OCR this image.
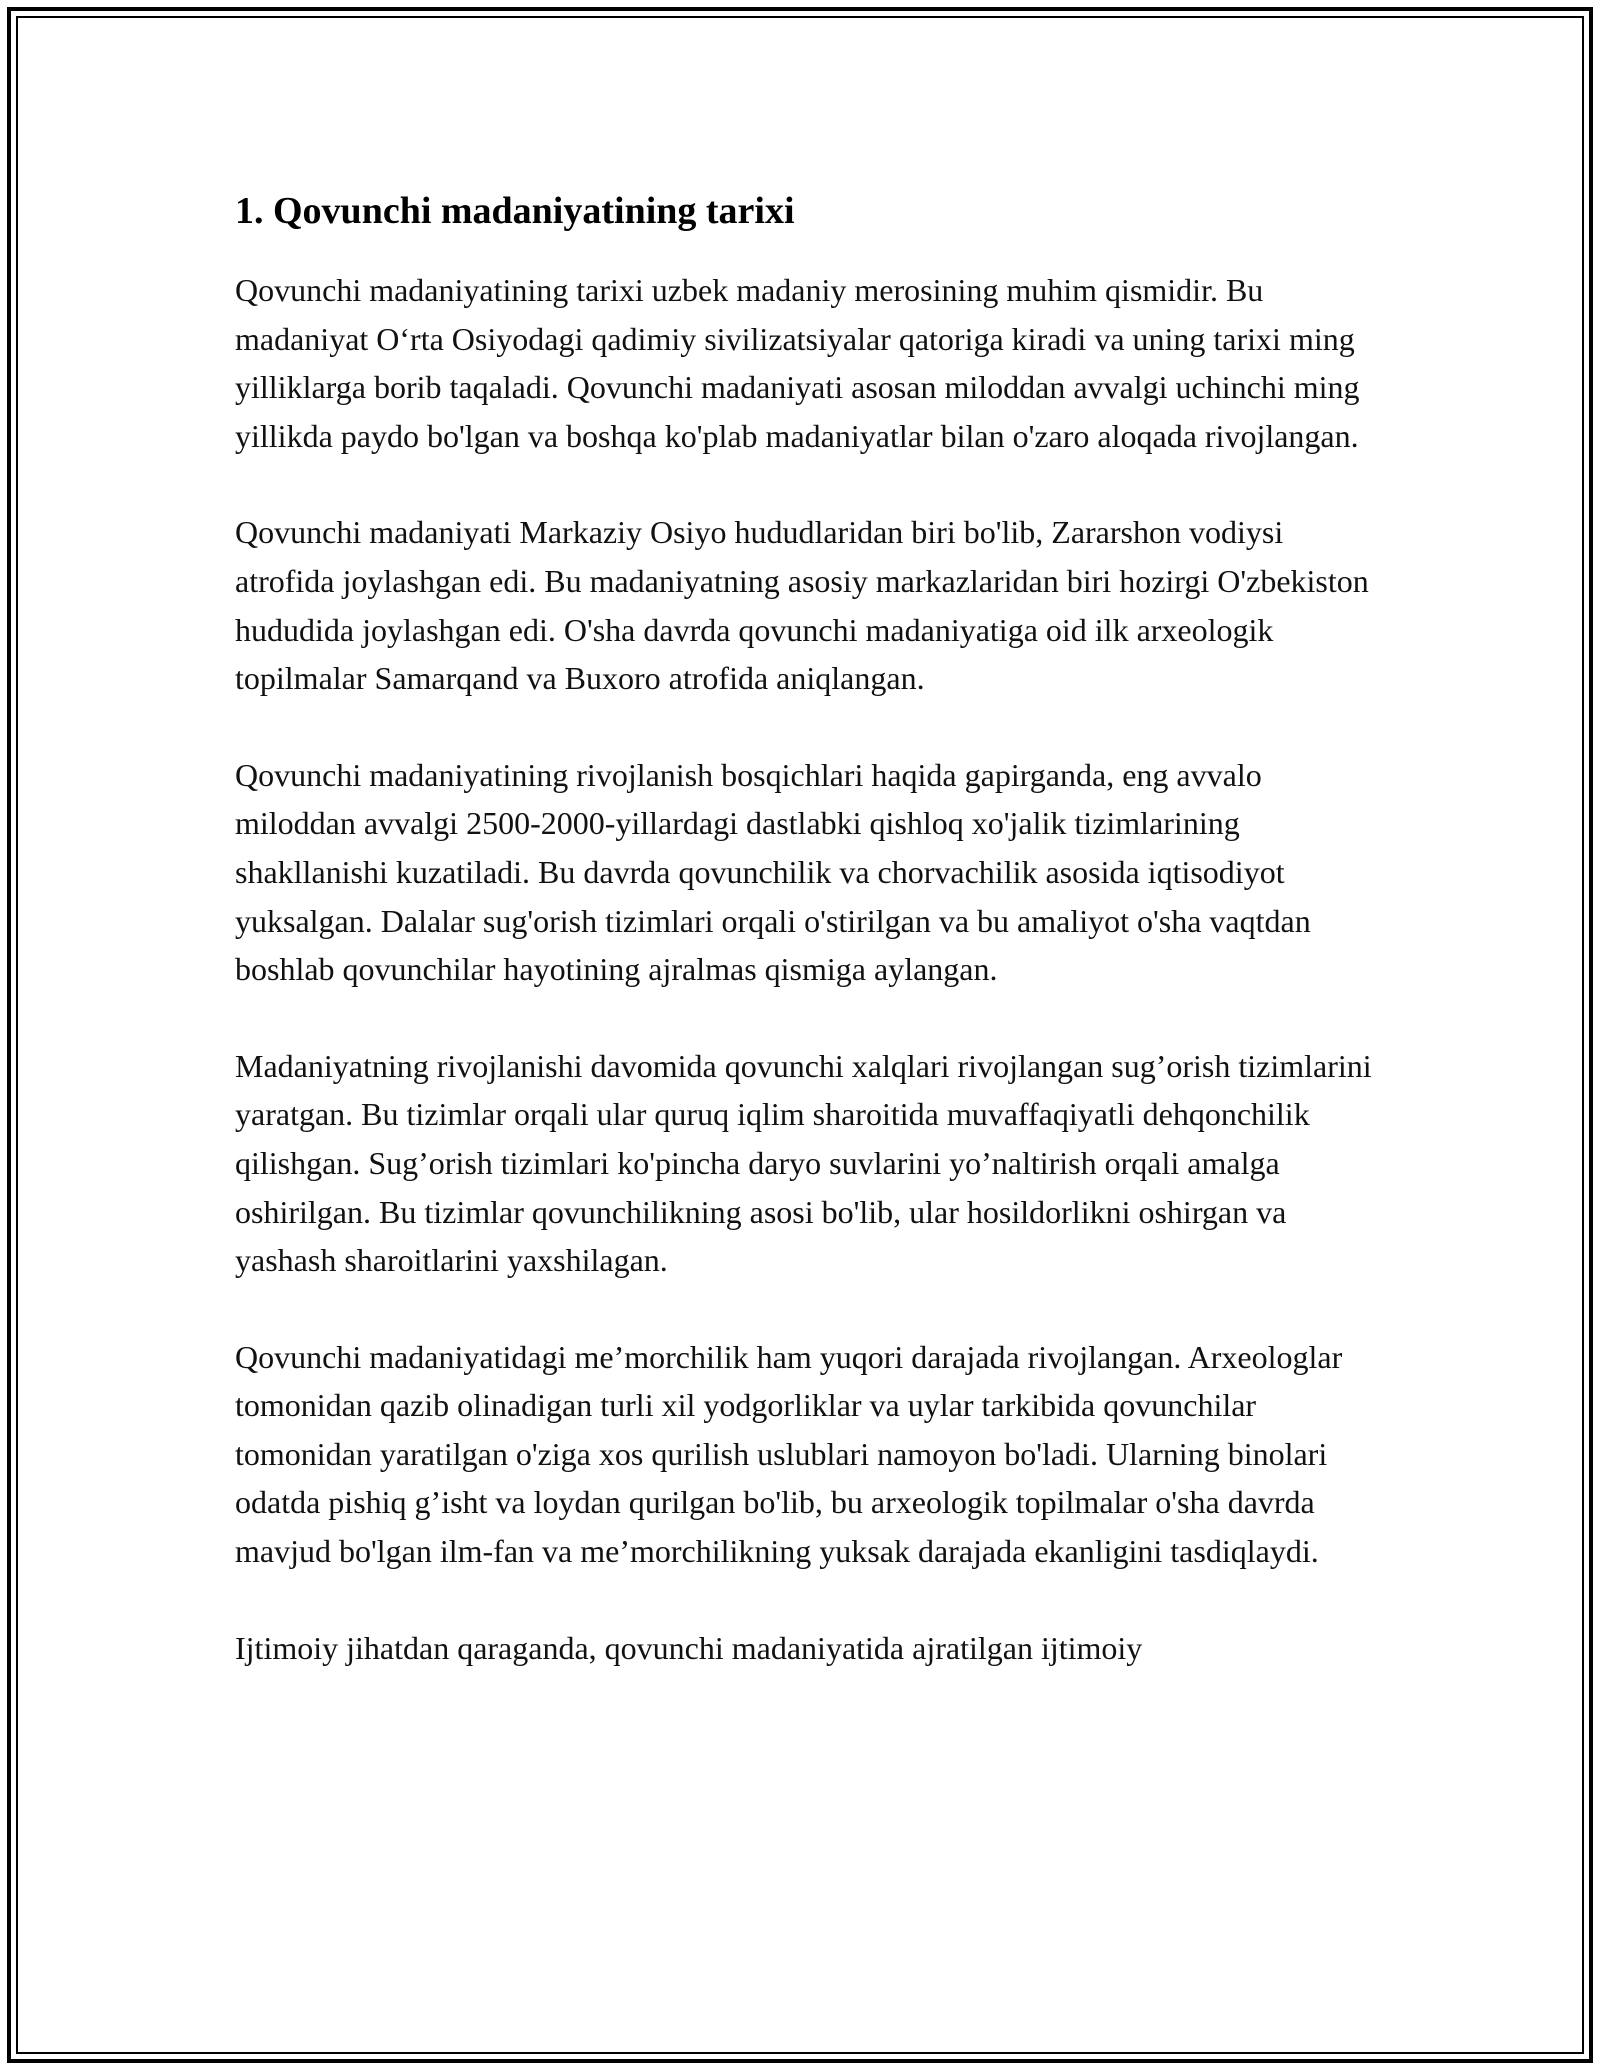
1. Qovunchi madaniyatining tarixi

Qovunchi madaniyatining tarixi uzbek madaniy merosining muhim qismidir. Bu madaniyat O‘rta Osiyodagi qadimiy sivilizatsiyalar qatoriga kiradi va uning tarixi ming yilliklarga borib taqaladi. Qovunchi madaniyati asosan miloddan avvalgi uchinchi ming yillikda paydo bo'lgan va boshqa ko'plab madaniyatlar bilan o'zaro aloqada rivojlangan.

Qovunchi madaniyati Markaziy Osiyo hududlaridan biri bo'lib, Zararshon vodiysi atrofida joylashgan edi. Bu madaniyatning asosiy markazlaridan biri hozirgi O'zbekiston hududida joylashgan edi. O'sha davrda qovunchi madaniyatiga oid ilk arxeologik topilmalar Samarqand va Buxoro atrofida aniqlangan.

Qovunchi madaniyatining rivojlanish bosqichlari haqida gapirganda, eng avvalo miloddan avvalgi 2500-2000-yillardagi dastlabki qishloq xo'jalik tizimlarining shakllanishi kuzatiladi. Bu davrda qovunchilik va chorvachilik asosida iqtisodiyot yuksalgan. Dalalar sug'orish tizimlari orqali o'stirilgan va bu amaliyot o'sha vaqtdan boshlab qovunchilar hayotining ajralmas qismiga aylangan.

Madaniyatning rivojlanishi davomida qovunchi xalqlari rivojlangan sug’orish tizimlarini yaratgan. Bu tizimlar orqali ular quruq iqlim sharoitida muvaffaqiyatli dehqonchilik qilishgan. Sug’orish tizimlari ko'pincha daryo suvlarini yo’naltirish orqali amalga oshirilgan. Bu tizimlar qovunchilikning asosi bo'lib, ular hosildorlikni oshirgan va yashash sharoitlarini yaxshilagan.

Qovunchi madaniyatidagi me’morchilik ham yuqori darajada rivojlangan. Arxeologlar tomonidan qazib olinadigan turli xil yodgorliklar va uylar tarkibida qovunchilar tomonidan yaratilgan o'ziga xos qurilish uslublari namoyon bo'ladi. Ularning binolari odatda pishiq g’isht va loydan qurilgan bo'lib, bu arxeologik topilmalar o'sha davrda mavjud bo'lgan ilm-fan va me’morchilikning yuksak darajada ekanligini tasdiqlaydi.

Ijtimoiy jihatdan qaraganda, qovunchi madaniyatida ajratilgan ijtimoiy
